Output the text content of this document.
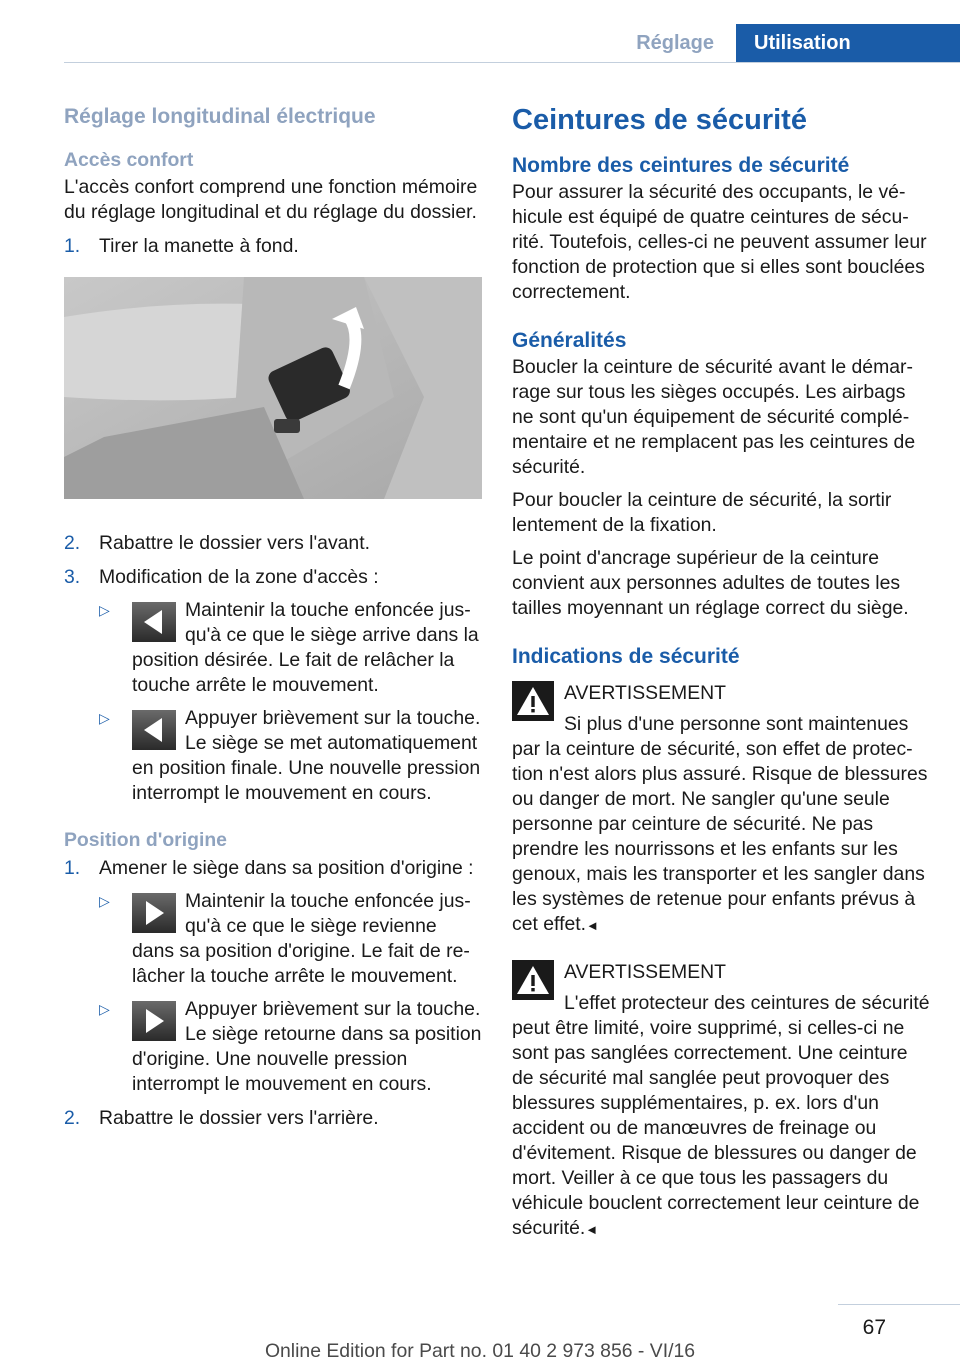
Réglage	Utilisation
Réglage longitudinal électrique
Accès confort

L'accès confort comprend une fonction mémoire du réglage longitudinal et du réglage du dossier.

1. Tirer la manette à fond.
2. Rabattre le dossier vers l'avant.
3. Modification de la zone d'accès :
▷	Maintenir la touche enfoncée jusqu'à ce que le siège arrive dans la position désirée. Le fait de relâcher la touche arrête le mouvement.
▷	Appuyer brièvement sur la touche. Le siège se met automatiquement en position finale. Une nouvelle pression interrompt le mouvement en cours.
Position d'origine
1. Amener le siège dans sa position d'origine :
▷	Maintenir la touche enfoncée jusqu'à ce que le siège revienne dans sa position d'origine. Le fait de relâcher la touche arrête le mouvement.
▷	Appuyer brièvement sur la touche. Le siège retourne dans sa position d'origine. Une nouvelle pression interrompt le mouvement en cours.
2. Rabattre le dossier vers l'arrière.
Ceintures de sécurité
Nombre des ceintures de sécurité

Pour assurer la sécurité des occupants, le véhicule est équipé de quatre ceintures de sécurité. Toutefois, celles-ci ne peuvent assumer leur fonction de protection que si elles sont bouclées correctement.

Généralités

Boucler la ceinture de sécurité avant le démarrage sur tous les sièges occupés. Les airbags ne sont qu'un équipement de sécurité complémentaire et ne remplacent pas les ceintures de sécurité.

Pour boucler la ceinture de sécurité, la sortir lentement de la fixation.

Le point d'ancrage supérieur de la ceinture convient aux personnes adultes de toutes les tailles moyennant un réglage correct du siège.

Indications de sécurité

AVERTISSEMENT

Si plus d'une personne sont maintenues par la ceinture de sécurité, son effet de protection n'est alors plus assuré. Risque de blessures ou danger de mort. Ne sangler qu'une seule personne par ceinture de sécurité. Ne pas prendre les nourrissons et les enfants sur les genoux, mais les transporter et les sangler dans les systèmes de retenue pour enfants prévus à cet effet.◄

AVERTISSEMENT

L'effet protecteur des ceintures de sécurité peut être limité, voire supprimé, si celles-ci ne sont pas sanglées correctement. Une ceinture de sécurité mal sanglée peut provoquer des blessures supplémentaires, p. ex. lors d'un accident ou de manœuvres de freinage ou d'évitement. Risque de blessures ou danger de mort. Veiller à ce que tous les passagers du véhicule bouclent correctement leur ceinture de sécurité.◄

67
Online Edition for Part no. 01 40 2 973 856 - VI/16
